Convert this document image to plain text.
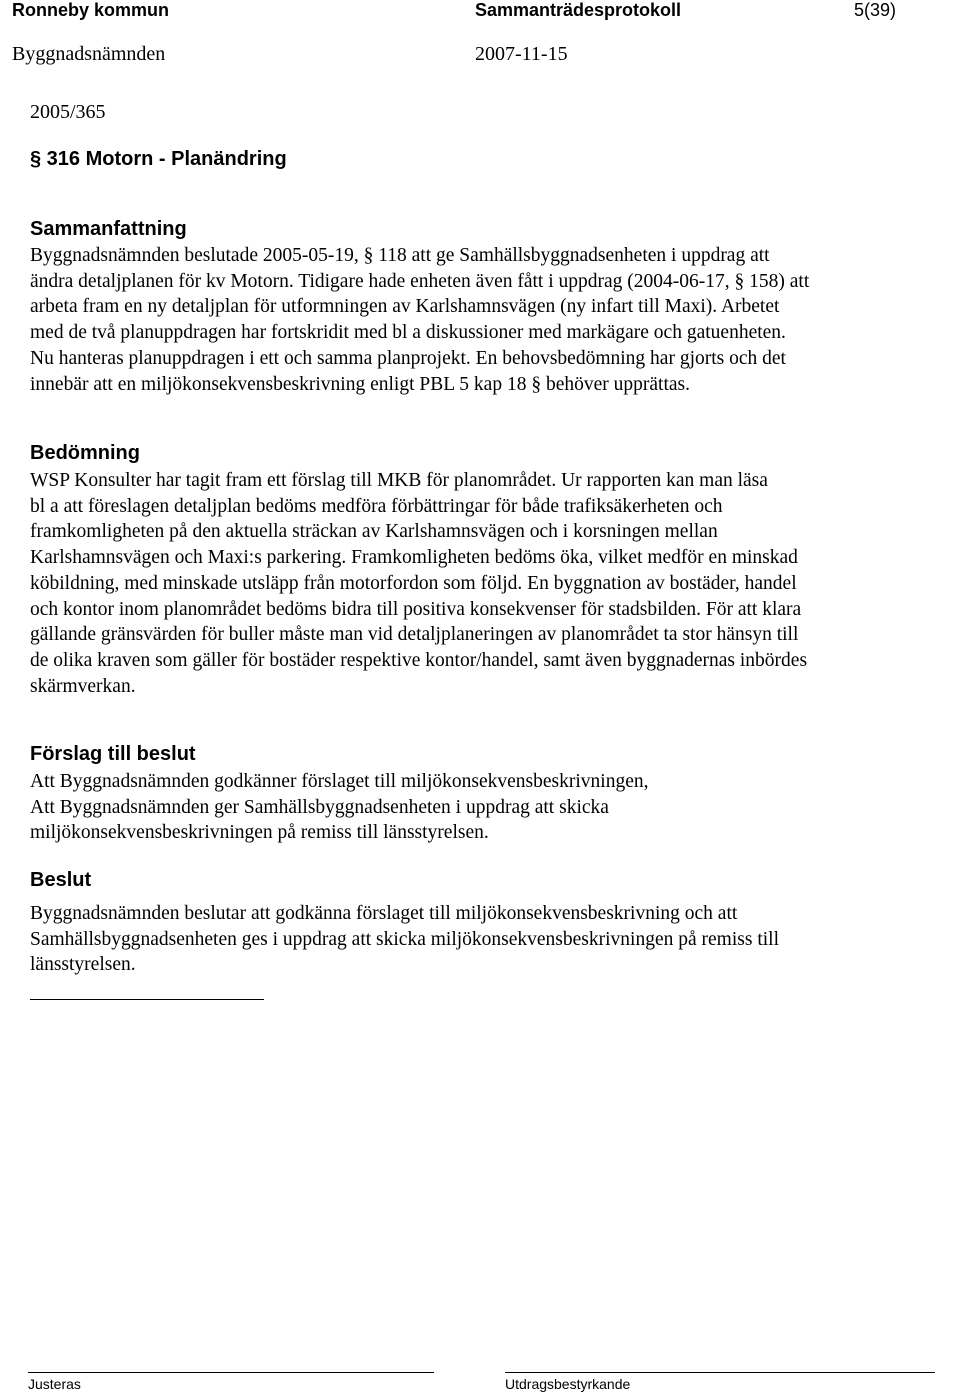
Ronneby kommun	Sammanträdesprotokoll	5(39)
Byggnadsnämnden	2007-11-15
2005/365
§ 316 Motorn - Planändring
Sammanfattning
Byggnadsnämnden beslutade 2005-05-19, § 118 att ge Samhällsbyggnadsenheten i uppdrag att
ändra detaljplanen för kv Motorn. Tidigare hade enheten även fått i uppdrag (2004-06-17, § 158) att
arbeta fram en ny detaljplan för utformningen av Karlshamnsvägen (ny infart till Maxi). Arbetet
med de två planuppdragen har fortskridit med bl a diskussioner med markägare och gatuenheten.
Nu hanteras planuppdragen i ett och samma planprojekt. En behovsbedömning har gjorts och det
innebär att en miljökonsekvensbeskrivning enligt PBL 5 kap 18 § behöver upprättas.
Bedömning
WSP Konsulter har tagit fram ett förslag till MKB för planområdet. Ur rapporten kan man läsa
bl a att föreslagen detaljplan bedöms medföra förbättringar för både trafiksäkerheten och
framkomligheten på den aktuella sträckan av Karlshamnsvägen och i korsningen mellan
Karlshamnsvägen och Maxi:s parkering. Framkomligheten bedöms öka, vilket medför en minskad
köbildning, med minskade utsläpp från motorfordon som följd. En byggnation av bostäder, handel
och kontor inom planområdet bedöms bidra till positiva konsekvenser för stadsbilden. För att klara
gällande gränsvärden för buller måste man vid detaljplaneringen av planområdet ta stor hänsyn till
de olika kraven som gäller för bostäder respektive kontor/handel, samt även byggnadernas inbördes
skärmverkan.
Förslag till beslut
Att Byggnadsnämnden godkänner förslaget till miljökonsekvensbeskrivningen,
Att Byggnadsnämnden ger Samhällsbyggnadsenheten i uppdrag att skicka
miljökonsekvensbeskrivningen på remiss till länsstyrelsen.
Beslut
Byggnadsnämnden beslutar att godkänna förslaget till miljökonsekvensbeskrivning och att
Samhällsbyggnadsenheten ges i uppdrag att skicka miljökonsekvensbeskrivningen på remiss till
länsstyrelsen.
Justeras	Utdragsbestyrkande
